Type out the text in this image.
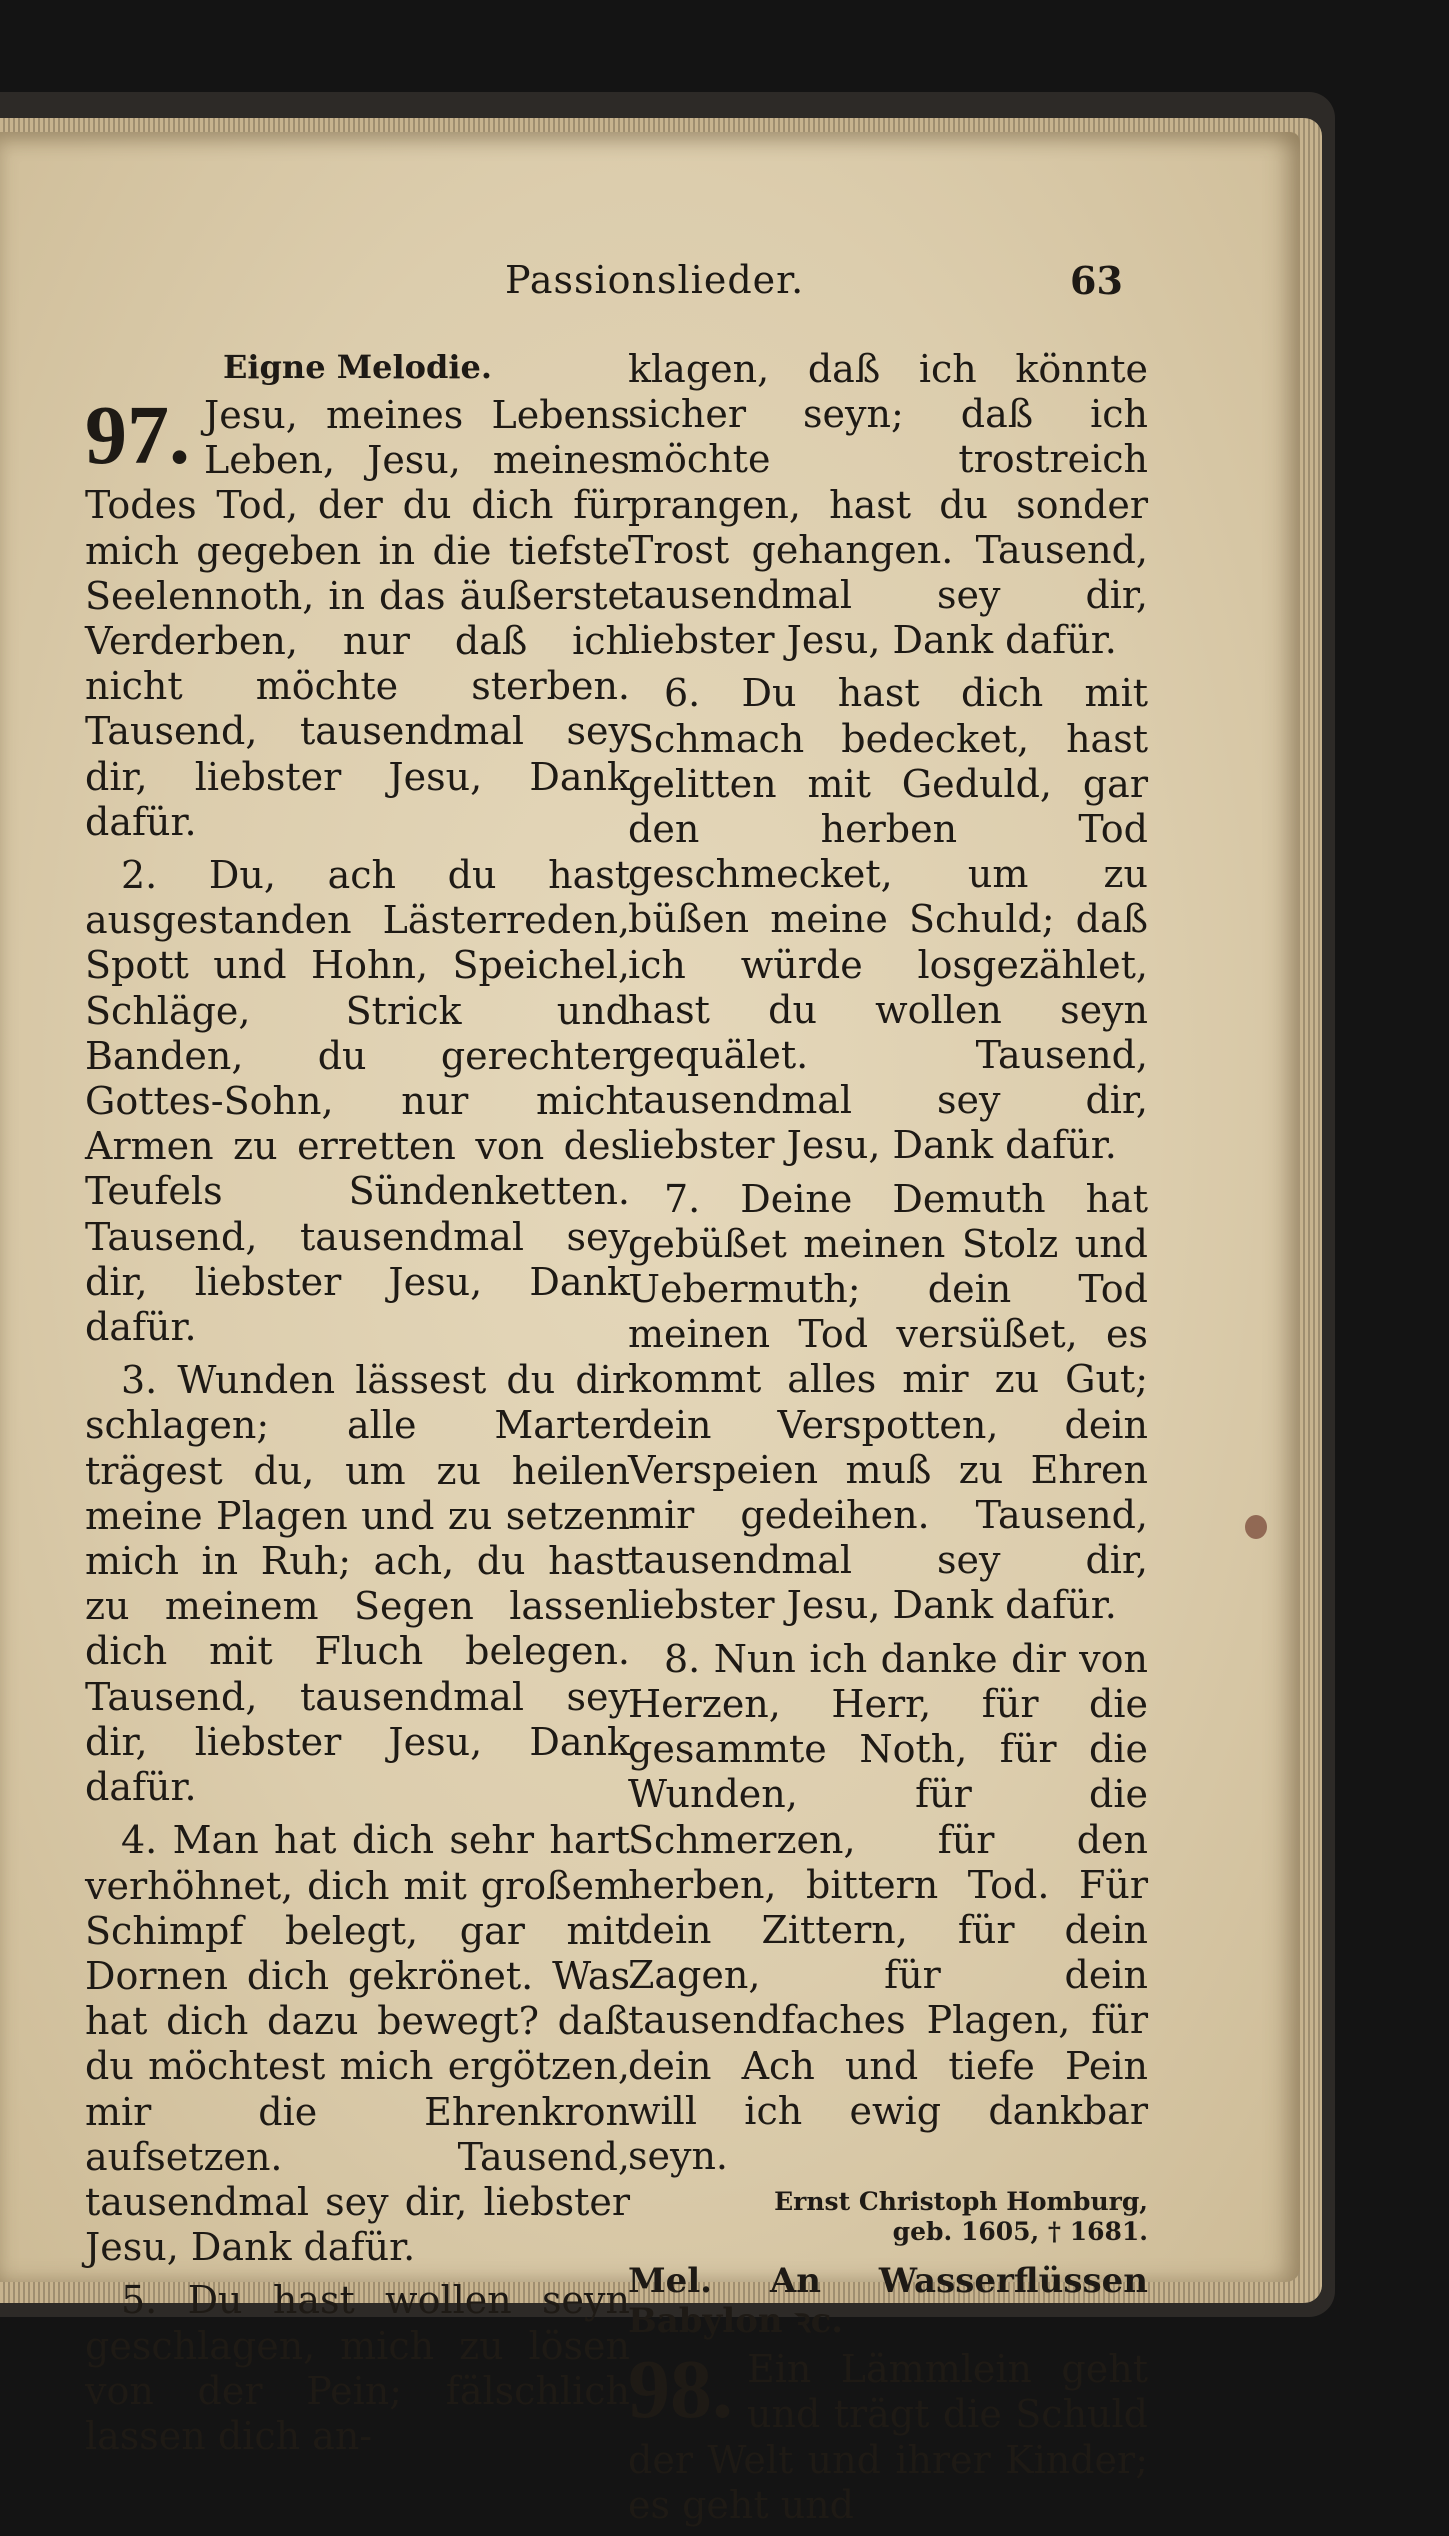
Passionslieder.	63
Eigne Melodie.

97. Jesu, meines Lebens Leben, Jesu, meines Todes Tod, der du dich für mich gegeben in die tiefste Seelennoth, in das äußerste Verderben, nur daß ich nicht möchte sterben. Tausend, tausendmal sey dir, liebster Jesu, Dank dafür.

2. Du, ach du hast ausgestanden Lästerreden, Spott und Hohn, Speichel, Schläge, Strick und Banden, du gerechter Gottes-Sohn, nur mich Armen zu erretten von des Teufels Sündenketten. Tausend, tausendmal sey dir, liebster Jesu, Dank dafür.

3. Wunden lässest du dir schlagen; alle Marter trägest du, um zu heilen meine Plagen und zu setzen mich in Ruh; ach, du hast zu meinem Segen lassen dich mit Fluch belegen. Tausend, tausendmal sey dir, liebster Jesu, Dank dafür.

4. Man hat dich sehr hart verhöhnet, dich mit großem Schimpf belegt, gar mit Dornen dich gekrönet. Was hat dich dazu bewegt? daß du möchtest mich ergötzen, mir die Ehrenkron aufsetzen. Tausend, tausendmal sey dir, liebster Jesu, Dank dafür.

5. Du hast wollen seyn geschlagen, mich zu lösen von der Pein; fälschlich lassen dich an-

klagen, daß ich könnte sicher seyn; daß ich möchte trostreich prangen, hast du sonder Trost gehangen. Tausend, tausendmal sey dir, liebster Jesu, Dank dafür.

6. Du hast dich mit Schmach bedecket, hast gelitten mit Geduld, gar den herben Tod geschmecket, um zu büßen meine Schuld; daß ich würde losgezählet, hast du wollen seyn gequälet. Tausend, tausendmal sey dir, liebster Jesu, Dank dafür.

7. Deine Demuth hat gebüßet meinen Stolz und Uebermuth; dein Tod meinen Tod versüßet, es kommt alles mir zu Gut; dein Verspotten, dein Verspeien muß zu Ehren mir gedeihen. Tausend, tausendmal sey dir, liebster Jesu, Dank dafür.

8. Nun ich danke dir von Herzen, Herr, für die gesammte Noth, für die Wunden, für die Schmerzen, für den herben, bittern Tod. Für dein Zittern, für dein Zagen, für dein tausendfaches Plagen, für dein Ach und tiefe Pein will ich ewig dankbar seyn.

Ernst Christoph Homburg,
geb. 1605, † 1681.
Mel. An Wasserflüssen Babylon ꝛc.

98. Ein Lämmlein geht und trägt die Schuld der Welt und ihrer Kinder; es geht und
